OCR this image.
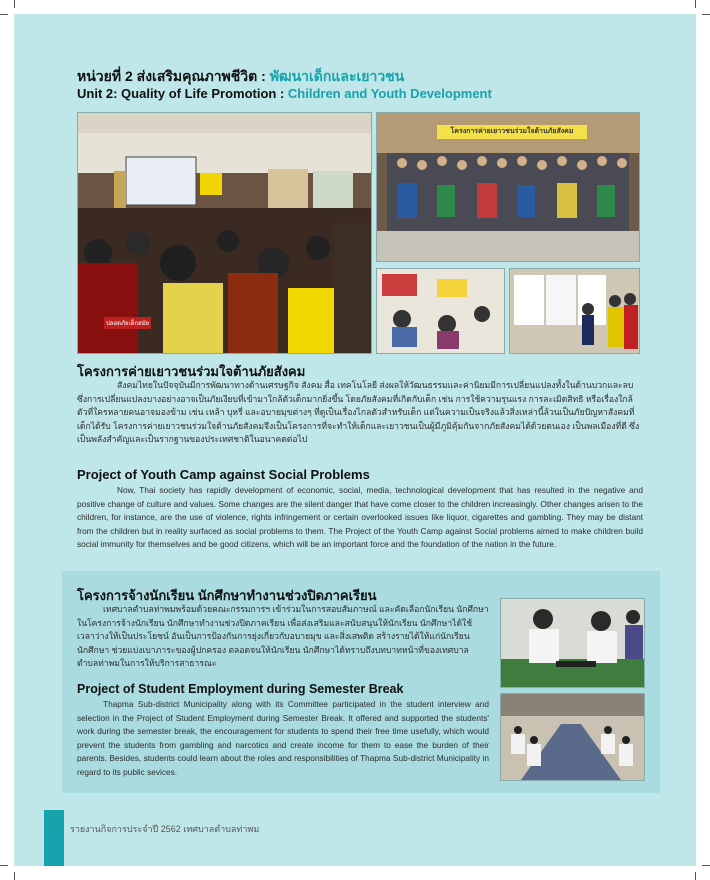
หน่วยที่ 2 ส่งเสริมคุณภาพชีวิต : พัฒนาเด็กและเยาวชน
Unit 2: Quality of Life Promotion : Children and Youth Development
ปลอดภัยเด็กสมัย
โครงการค่ายเยาวชนร่วมใจต้านภัยสังคม
โครงการค่ายเยาวชนร่วมใจต้านภัยสังคม
สังคมไทยในปัจจุบันมีการพัฒนาทางด้านเศรษฐกิจ สังคม สื่อ เทคโนโลยี ส่งผลให้วัฒนธรรมและค่านิยมมีการเปลี่ยนแปลงทั้งในด้านบวกและลบ ซึ่งการเปลี่ยนแปลงบางอย่างอาจเป็นภัยเงียบที่เข้ามาใกล้ตัวเด็กมากยิ่งขึ้น โดยภัยสังคมที่เกิดกับเด็ก เช่น การใช้ความรุนแรง การละเมิดสิทธิ หรือเรื่องใกล้ตัวที่ใครหลายคนอาจมองข้าม เช่น เหล้า บุหรี่ และอบายมุขต่างๆ ที่ดูเป็นเรื่องไกลตัวสำหรับเด็ก แต่ในความเป็นจริงแล้วสิ่งเหล่านี้ล้วนเป็นภัยปัญหาสังคมที่เด็กได้รับ โครงการค่ายเยาวชนร่วมใจต้านภัยสังคมจึงเป็นโครงการที่จะทำให้เด็กและเยาวชนเป็นผู้มีภูมิคุ้มกันจากภัยสังคมได้ด้วยตนเอง เป็นพลเมืองที่ดี ซึ่งเป็นพลังสำคัญและเป็นรากฐานของประเทศชาติในอนาคตต่อไป
Project of Youth Camp against Social Problems
Now, Thai society has rapidly development of economic, social, media, technological development that has resulted in the negative and positive change of culture and values. Some changes are the silent danger that have come closer to the children increasingly. Other changes arisen to the children, for instance, are the use of violence, rights infringement or certain overlooked issues like liquor, cigarettes and gambling. They may be distant from the children but in reality surfaced as social problems to them. The Project of the Youth Camp against Social problems aimed to make children build social immunity for themselves and be good citizens, which will be an important force and the foundation of the nation in the future.
โครงการจ้างนักเรียน นักศึกษาทำงานช่วงปิดภาคเรียน
เทศบาลตำบลท่าพมพร้อมด้วยคณะกรรมการฯ เข้าร่วมในการสอบสัมภาษณ์ และคัดเลือกนักเรียน นักศึกษา ในโครงการจ้างนักเรียน นักศึกษาทำงานช่วงปิดภาคเรียน เพื่อส่งเสริมและสนับสนุนให้นักเรียน นักศึกษาได้ใช้เวลาว่างให้เป็นประโยชน์ อันเป็นการป้องกันการยุ่งเกี่ยวกับอบายมุข และสิ่งเสพติด สร้างรายได้ให้แก่นักเรียน นักศึกษา ช่วยแบ่งเบาภาระของผู้ปกครอง ตลอดจนให้นักเรียน นักศึกษาได้ทราบถึงบทบาทหน้าที่ของเทศบาลตำบลท่าพมในการให้บริการสาธารณะ
Project of Student Employment during Semester Break
Thapma Sub-district Municipality along with its Committee participated in the student interview and selection in the Project of Student Employment during Semester Break. It offered and supported the students' work during the semester break, the encouragement for students to spend their free time usefully, which would prevent the students from gambling and narcotics and create income for them to ease the burden of their parents. Besides, students could learn about the roles and responsibilities of Thapma Sub-district Municipality in regard to its public sevices.
20 รายงานกิจการประจำปี 2562 เทศบาลตำบลท่าพม
